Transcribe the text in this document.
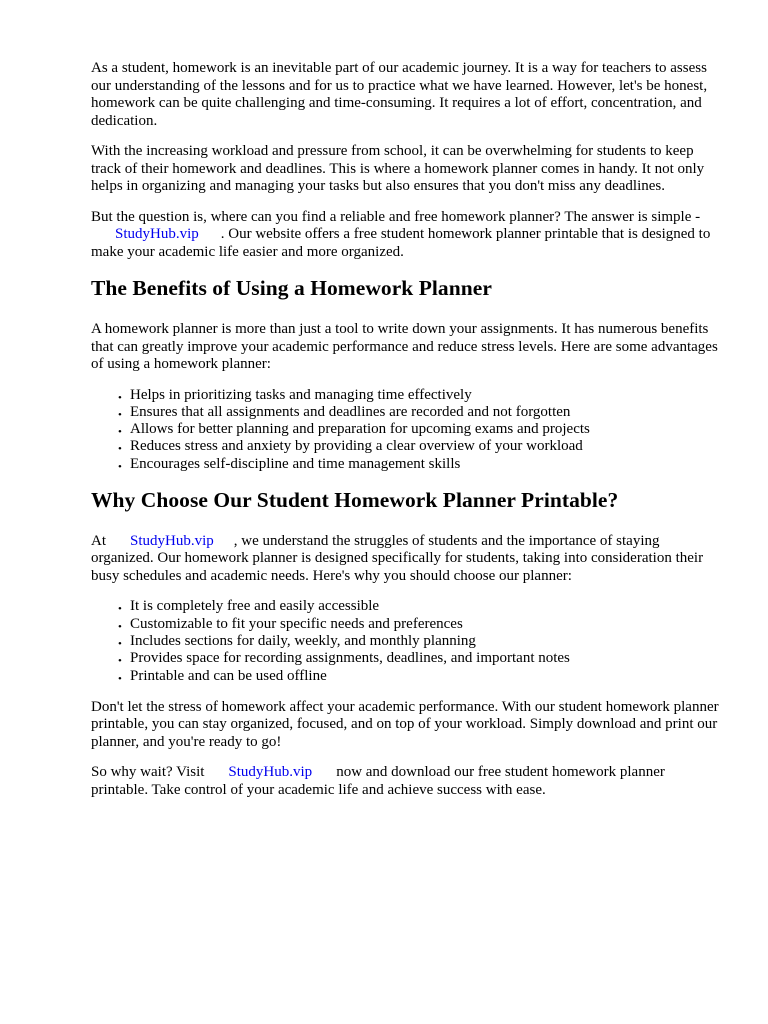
As a student, homework is an inevitable part of our academic journey. It is a way for teachers to assess our understanding of the lessons and for us to practice what we have learned. However, let's be honest, homework can be quite challenging and time-consuming. It requires a lot of effort, concentration, and dedication.

With the increasing workload and pressure from school, it can be overwhelming for students to keep track of their homework and deadlines. This is where a homework planner comes in handy. It not only helps in organizing and managing your tasks but also ensures that you don't miss any deadlines.

But the question is, where can you find a reliable and free homework planner? The answer is simple -StudyHub.vip . Our website offers a free student homework planner printable that is designed to make your academic life easier and more organized.

The Benefits of Using a Homework Planner

A homework planner is more than just a tool to write down your assignments. It has numerous benefits that can greatly improve your academic performance and reduce stress levels. Here are some advantages of using a homework planner:

• Helps in prioritizing tasks and managing time effectively
• Ensures that all assignments and deadlines are recorded and not forgotten
• Allows for better planning and preparation for upcoming exams and projects
• Reduces stress and anxiety by providing a clear overview of your workload
• Encourages self-discipline and time management skills
Why Choose Our Student Homework Planner Printable?

At StudyHub.vip , we understand the struggles of students and the importance of staying organized. Our homework planner is designed specifically for students, taking into consideration their busy schedules and academic needs. Here's why you should choose our planner:

• It is completely free and easily accessible
• Customizable to fit your specific needs and preferences
• Includes sections for daily, weekly, and monthly planning
• Provides space for recording assignments, deadlines, and important notes
• Printable and can be used offline

Don't let the stress of homework affect your academic performance. With our student homework planner printable, you can stay organized, focused, and on top of your workload. Simply download and print our planner, and you're ready to go!

So why wait? Visit StudyHub.vip now and download our free student homework planner printable. Take control of your academic life and achieve success with ease.
